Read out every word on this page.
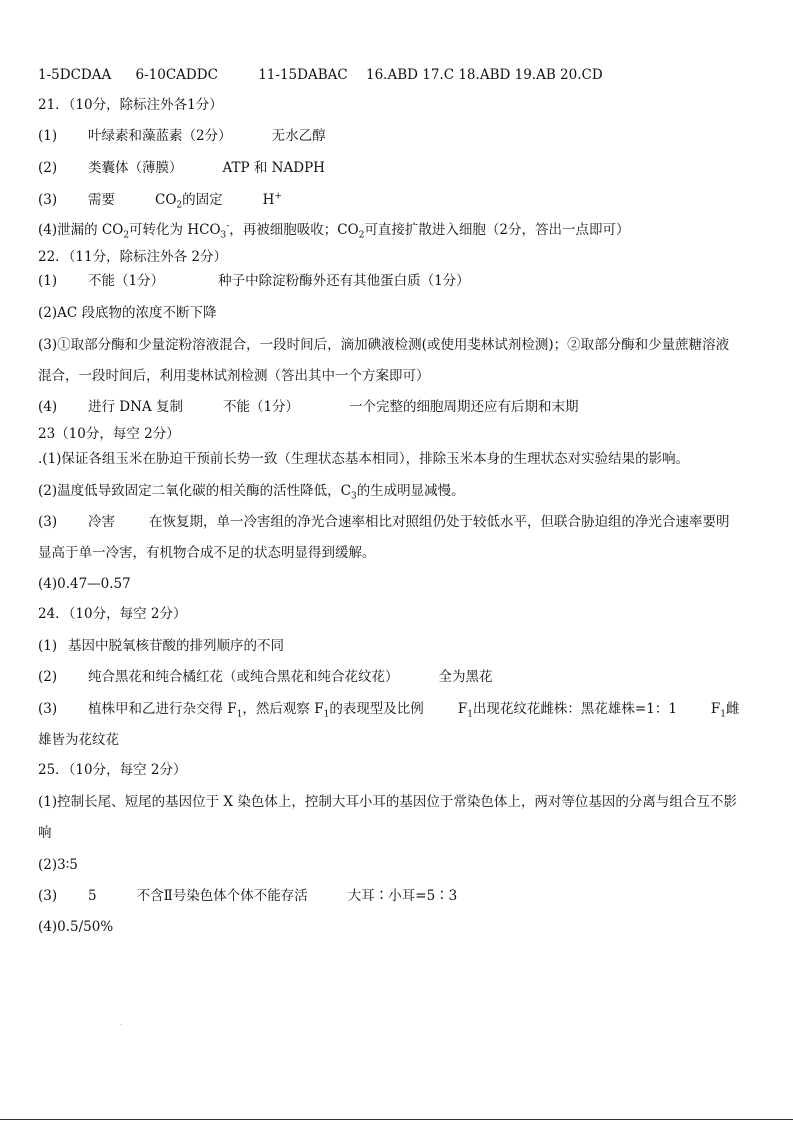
1-5DCDAA 6-10CADDC	11-15DABAC 16.ABD 17.C 18.ABD 19.AB 20.CD
21．（10分，除标注外各1分）
(1) 叶绿素和藻蓝素（2分）	无水乙醇
(2) 类囊体（薄膜）	ATP 和 NADPH
(3) 需要	$CO_2$的固定	H+
(4)泄漏的 $CO_2$可转化为 $HCO_3^-$，再被细胞吸收；$CO_2$可直接扩散进入细胞（2分，答出一点即可）
22．（11分，除标注外各 2分）
(1) 不能（1分）	种子中除淀粉酶外还有其他蛋白质（1分）
(2)AC 段底物的浓度不断下降
(3)①取部分酶和少量淀粉溶液混合，一段时间后，滴加碘液检测(或使用斐林试剂检测)；②取部分酶和少量蔗糖溶液
混合，一段时间后，利用斐林试剂检测（答出其中一个方案即可）
(4) 进行 DNA 复制	不能（1分）	一个完整的细胞周期还应有后期和末期
23（10分，每空 2分）
.(1)保证各组玉米在胁迫干预前长势一致（生理状态基本相同），排除玉米本身的生理状态对实验结果的影响。
(2)温度低导致固定二氧化碳的相关酶的活性降低，$C_3$的生成明显减慢。
(3) 冷害	在恢复期，单一冷害组的净光合速率相比对照组仍处于较低水平，但联合胁迫组的净光合速率要明
显高于单一冷害，有机物合成不足的状态明显得到缓解。
(4)0.47—0.57
24．（10分，每空 2分）
(1) 基因中脱氧核苷酸的排列顺序的不同
(2) 纯合黑花和纯合橘红花（或纯合黑花和纯合花纹花）	全为黑花
(3) 植株甲和乙进行杂交得 $F_1$，然后观察 $F_1$的表现型及比例	$F_1$出现花纹花雌株：黑花雄株=1：1	$F_1$雌
雄皆为花纹花
25．（10分，每空 2分）
(1)控制长尾、短尾的基因位于 X 染色体上，控制大耳小耳的基因位于常染色体上，两对等位基因的分离与组合互不影
响
(2)3∶5
(3) 5	不含Ⅱ号染色体个体不能存活	大耳∶小耳=5∶3
(4)0.5/50%
